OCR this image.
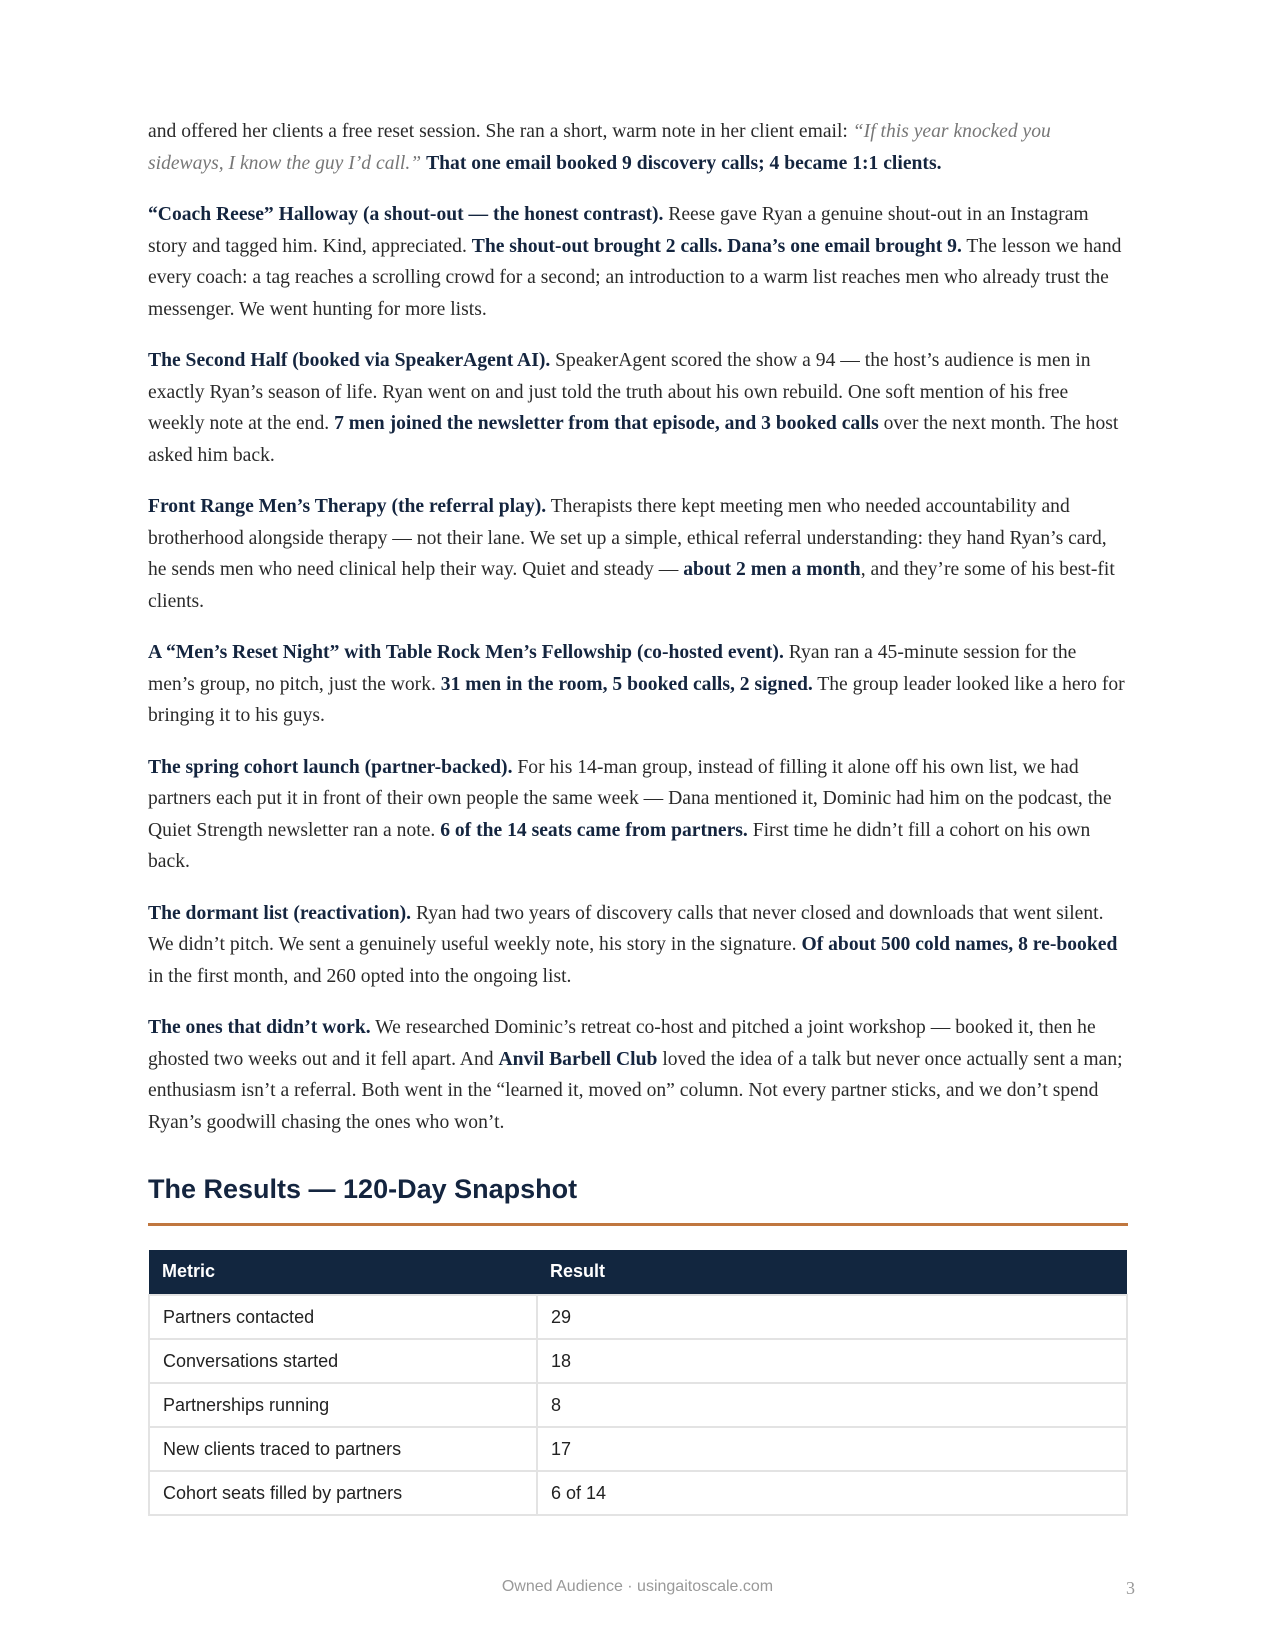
and offered her clients a free reset session. She ran a short, warm note in her client email: “If this year knocked you sideways, I know the guy I’d call.” That one email booked 9 discovery calls; 4 became 1:1 clients.

“Coach Reese” Halloway (a shout-out — the honest contrast). Reese gave Ryan a genuine shout-out in an Instagram story and tagged him. Kind, appreciated. The shout-out brought 2 calls. Dana’s one email brought 9. The lesson we hand every coach: a tag reaches a scrolling crowd for a second; an introduction to a warm list reaches men who already trust the messenger. We went hunting for more lists.

The Second Half (booked via SpeakerAgent AI). SpeakerAgent scored the show a 94 — the host’s audience is men in exactly Ryan’s season of life. Ryan went on and just told the truth about his own rebuild. One soft mention of his free weekly note at the end. 7 men joined the newsletter from that episode, and 3 booked calls over the next month. The host asked him back.

Front Range Men’s Therapy (the referral play). Therapists there kept meeting men who needed accountability and brotherhood alongside therapy — not their lane. We set up a simple, ethical referral understanding: they hand Ryan’s card, he sends men who need clinical help their way. Quiet and steady — about 2 men a month, and they’re some of his best-fit clients.

A “Men’s Reset Night” with Table Rock Men’s Fellowship (co-hosted event). Ryan ran a 45-minute session for the men’s group, no pitch, just the work. 31 men in the room, 5 booked calls, 2 signed. The group leader looked like a hero for bringing it to his guys.

The spring cohort launch (partner-backed). For his 14-man group, instead of filling it alone off his own list, we had partners each put it in front of their own people the same week — Dana mentioned it, Dominic had him on the podcast, the Quiet Strength newsletter ran a note. 6 of the 14 seats came from partners. First time he didn’t fill a cohort on his own back.

The dormant list (reactivation). Ryan had two years of discovery calls that never closed and downloads that went silent. We didn’t pitch. We sent a genuinely useful weekly note, his story in the signature. Of about 500 cold names, 8 re-booked in the first month, and 260 opted into the ongoing list.

The ones that didn’t work. We researched Dominic’s retreat co-host and pitched a joint workshop — booked it, then he ghosted two weeks out and it fell apart. And Anvil Barbell Club loved the idea of a talk but never once actually sent a man; enthusiasm isn’t a referral. Both went in the “learned it, moved on” column. Not every partner sticks, and we don’t spend Ryan’s goodwill chasing the ones who won’t.

The Results — 120-Day Snapshot
Metric	Result
Partners contacted	29
Conversations started	18
Partnerships running	8
New clients traced to partners	17
Cohort seats filled by partners	6 of 14
Owned Audience · usingaitoscale.com	3
